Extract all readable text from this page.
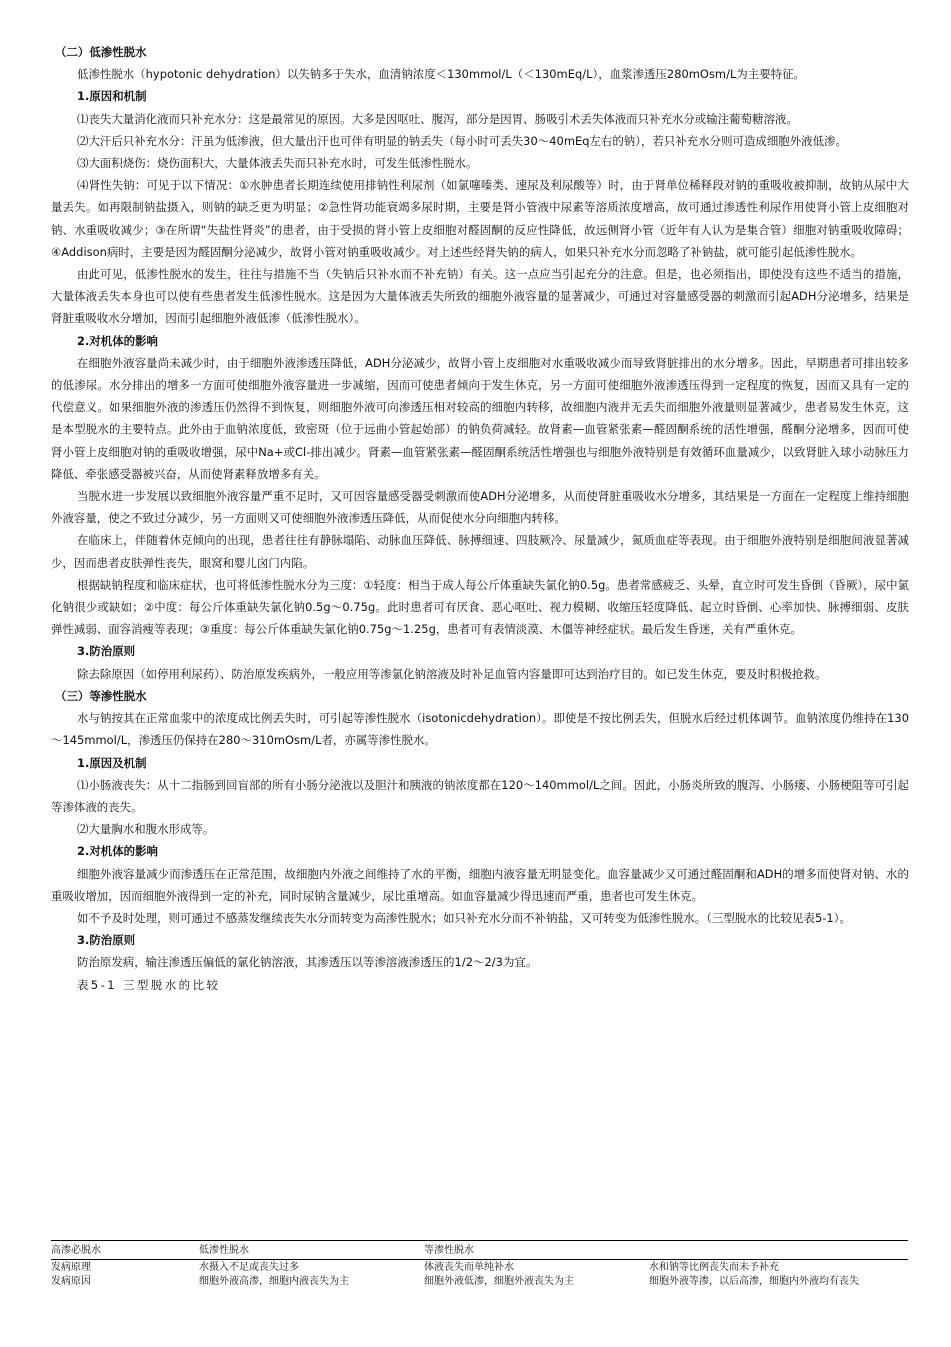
（二）低渗性脱水

低渗性脱水（hypotonic dehydration）以失钠多于失水，血清钠浓度＜130mmol/L（＜130mEq/L），血浆渗透压280mOsm/L为主要特征。

1.原因和机制

⑴丧失大量消化液而只补充水分：这是最常见的原因。大多是因呕吐、腹泻，部分是因胃、肠吸引术丢失体液而只补充水分或输注葡萄糖溶液。

⑵大汗后只补充水分：汗虽为低渗液，但大量出汗也可伴有明显的钠丢失（每小时可丢失30～40mEq左右的钠），若只补充水分则可造成细胞外液低渗。

⑶大面积烧伤：烧伤面积大，大量体液丢失而只补充水时，可发生低渗性脱水。

⑷肾性失钠：可见于以下情况：①水肿患者长期连续使用排钠性利尿剂（如氯噻嗪类、速尿及利尿酸等）时，由于肾单位稀释段对钠的重吸收被抑制，故钠从尿中大量丢失。如再限制钠盐摄入，则钠的缺乏更为明显；②急性肾功能衰竭多尿时期，主要是肾小管液中尿素等溶质浓度增高，故可通过渗透性利尿作用使肾小管上皮细胞对钠、水重吸收减少；③在所谓“失盐性肾炎”的患者，由于受损的肾小管上皮细胞对醛固酮的反应性降低，故远侧肾小管（近年有人认为是集合管）细胞对钠重吸收障碍；④Addison病时，主要是因为醛固酮分泌减少，故肾小管对钠重吸收减少。对上述些经肾失钠的病人，如果只补充水分而忽略了补钠盐，就可能引起低渗性脱水。

由此可见，低渗性脱水的发生，往往与措施不当（失钠后只补水而不补充钠）有关。这一点应当引起充分的注意。但是，也必须指出，即使没有这些不适当的措施，大量体液丢失本身也可以使有些患者发生低渗性脱水。这是因为大量体液丢失所致的细胞外液容量的显著减少，可通过对容量感受器的刺激而引起ADH分泌增多，结果是肾脏重吸收水分增加，因而引起细胞外液低渗（低渗性脱水）。

2.对机体的影响

在细胞外液容量尚未减少时，由于细胞外液渗透压降低，ADH分泌减少，故肾小管上皮细胞对水重吸收减少而导致肾脏排出的水分增多。因此，早期患者可排出较多的低渗尿。水分排出的增多一方面可使细胞外液容量进一步减缩，因而可使患者倾向于发生休克，另一方面可使细胞外液渗透压得到一定程度的恢复，因而又具有一定的代偿意义。如果细胞外液的渗透压仍然得不到恢复，则细胞外液可向渗透压相对较高的细胞内转移，故细胞内液并无丢失而细胞外液量则显著减少，患者易发生休克，这是本型脱水的主要特点。此外由于血钠浓度低，致密斑（位于远曲小管起始部）的钠负荷减轻。故肾素—血管紧张素—醛固酮系统的活性增强，醛酮分泌增多，因而可使肾小管上皮细胞对钠的重吸收增强，尿中Na+或Cl-排出减少。肾素—血管紧张素—醛固酮系统活性增强也与细胞外液特别是有效循环血量减少，以致肾脏入球小动脉压力降低、牵张感受器被兴奋，从而使肾素释放增多有关。

当脱水进一步发展以致细胞外液容量严重不足时，又可因容量感受器受刺激而使ADH分泌增多，从而使肾脏重吸收水分增多，其结果是一方面在一定程度上维持细胞外液容量，使之不致过分减少，另一方面则又可使细胞外液渗透压降低，从而促使水分向细胞内转移。

在临床上，伴随着休克倾向的出现，患者往往有静脉塌陷、动脉血压降低、脉搏细速、四肢厥冷、尿量减少，氮质血症等表现。由于细胞外液特别是细胞间液显著减少，因而患者皮肤弹性丧失，眼窝和婴儿囟门内陷。

根据缺钠程度和临床症状，也可将低渗性脱水分为三度：①轻度：相当于成人每公斤体重缺失氯化钠0.5g。患者常感疲乏、头晕，直立时可发生昏倒（昏厥），尿中氯化钠很少或缺如；②中度：每公斤体重缺失氯化钠0.5g～0.75g。此时患者可有厌食、恶心呕吐、视力模糊、收缩压轻度降低、起立时昏倒、心率加快、脉搏细弱、皮肤弹性减弱、面容消瘦等表现；③重度：每公斤体重缺失氯化钠0.75g～1.25g，患者可有表情淡漠、木僵等神经症状。最后发生昏迷，关有严重休克。

3.防治原则

除去除原因（如停用利尿药）、防治原发疾病外，一般应用等渗氯化钠溶液及时补足血管内容量即可达到治疗目的。如已发生休克，要及时积极抢救。

（三）等渗性脱水

水与钠按其在正常血浆中的浓度成比例丢失时，可引起等渗性脱水（isotonicdehydration）。即使是不按比例丢失，但脱水后经过机体调节。血钠浓度仍维持在130～145mmol/L，渗透压仍保持在280～310mOsm/L者，亦属等渗性脱水。

1.原因及机制

⑴小肠液丧失：从十二指肠到回盲部的所有小肠分泌液以及胆汁和胰液的钠浓度都在120～140mmol/L之间。因此，小肠炎所致的腹泻、小肠瘘、小肠梗阻等可引起等渗体液的丧失。

⑵大量胸水和腹水形成等。

2.对机体的影响

细胞外液容量减少而渗透压在正常范围，故细胞内外液之间维持了水的平衡，细胞内液容量无明显变化。血容量减少又可通过醛固酮和ADH的增多而使肾对钠、水的重吸收增加，因而细胞外液得到一定的补充，同时尿钠含量减少，尿比重增高。如血容量减少得迅速而严重，患者也可发生休克。

如不予及时处理，则可通过不感蒸发继续丧失水分而转变为高渗性脱水；如只补充水分而不补钠盐，又可转变为低渗性脱水。（三型脱水的比较见表5-1）。

3.防治原则

防治原发病，输注渗透压偏低的氯化钠溶液，其渗透压以等渗溶液渗透压的1/2～2/3为宜。

表5-1 三型脱水的比较
高渗必脱水	低渗性脱水	等渗性脱水	
发病原理	水摄入不足或丧失过多	体液丧失而单纯补水	水和钠等比例丧失而未予补充
发病原因	细胞外液高渗，细胞内液丧失为主	细胞外液低渗，细胞外液丧失为主	细胞外液等渗，以后高渗，细胞内外液均有丧失
